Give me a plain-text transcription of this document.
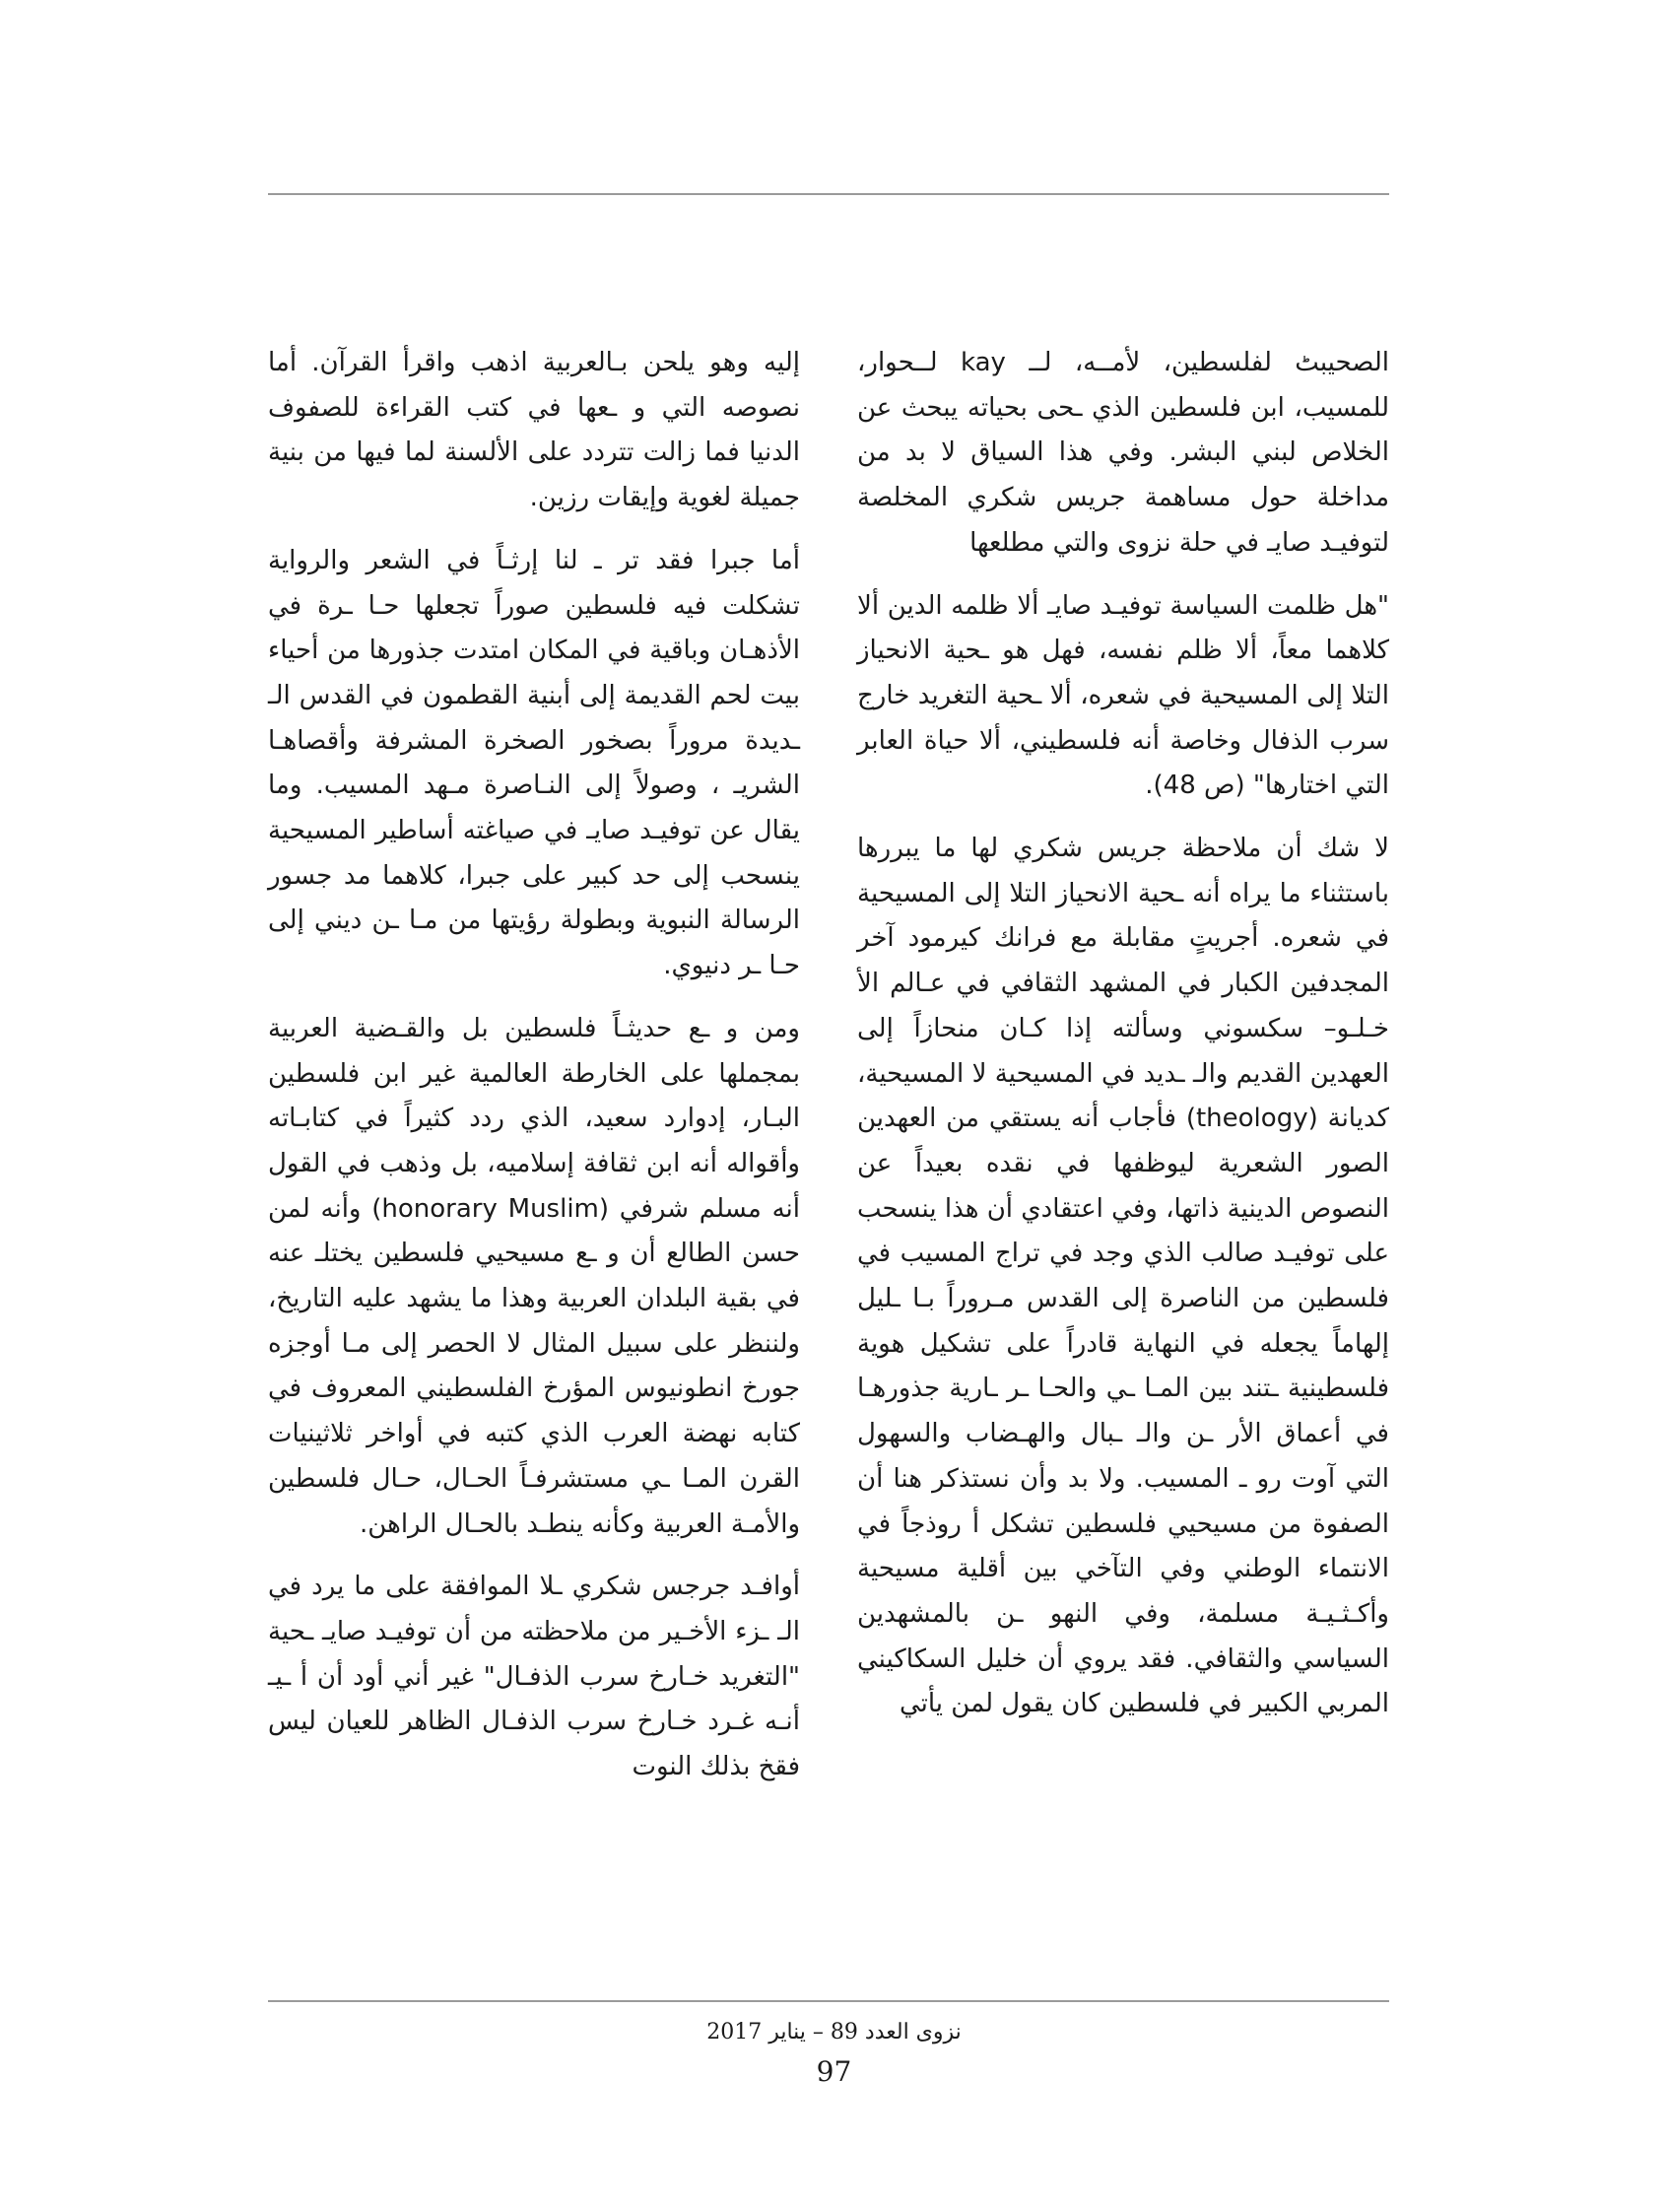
الصحيبٹ لفلسطين، لأمــه، لــ kay لــحوار، للمسيب، ابن فلسطين الذي ـحى بحياته يبحث عن الخلاص لبني البشر. وفي هذا السياق لا بد من مداخلة حول مساهمة جريس شكري المخلصة لتوفيـد صايـ في حلة نزوى والتي مطلعها

"هل ظلمت السياسة توفيـد صايـ ألا ظلمه الدين ألا كلاهما معاً، ألا ظلم نفسه، فهل هو ـحية الانحياز التلا إلى المسيحية في شعره، ألا ـحية التغريد خارج سرب الذفال وخاصة أنه فلسطيني، ألا حياة العابر التي اختارها" (ص 48).

لا شك أن ملاحظة جريس شكري لها ما يبررها باستثناء ما يراه أنه ـحية الانحياز التلا إلى المسيحية في شعره. أجريتٍ مقابلة مع فرانك كيرمود آخر المجدفين الكبار في المشهد الثقافي في عـالم الأ خـلـو– سكسوني وسألته إذا كـان منحازاً إلى العهدين القديم والـ ـديد في المسيحية لا المسيحية، كديانة (theology) فأجاب أنه يستقي من العهدين الصور الشعرية ليوظفها في نقده بعيداً عن النصوص الدينية ذاتها، وفي اعتقادي أن هذا ينسحب على توفيـد صالب الذي وجد في تراج المسيب في فلسطين من الناصرة إلى القدس مـروراً بـا ـليل إلهاماً يجعله في النهاية قادراً على تشكيل هوية فلسطينية ـتند بين المـا ـي والحـا ـر ـارية جذورهـا في أعماق الأر ـن والـ ـبال والهـضاب والسهول التي آوت رو ـ المسيب. ولا بد وأن نستذكر هنا أن الصفوة من مسيحيي فلسطين تشكل أ روذجاً في الانتماء الوطني وفي التآخي بين أقلية مسيحية وأكـثـيـة مسلمة، وفي النهو ـن بالمشهدين السياسي والثقافي. فقد يروي أن خليل السكاكيني المربي الكبير في فلسطين كان يقول لمن يأتي

إليه وهو يلحن بـالعربية اذهب واقرأ القرآن. أما نصوصه التي و ـعها في كتب القراءة للصفوف الدنيا فما زالت تتردد على الألسنة لما فيها من بنية جميلة لغوية وإيقات رزين.

أما جبرا فقد تر ـ لنا إرثـاً في الشعر والرواية تشكلت فيه فلسطين صوراً تجعلها حـا ـرة في الأذهـان وباقية في المكان امتدت جذورها من أحياء بيت لحم القديمة إلى أبنية القطمون في القدس الـ ـديدة مروراً بصخور الصخرة المشرفة وأقصاهـا الشريـ ، وصولاً إلى النـاصرة مـهد المسيب. وما يقال عن توفيـد صايـ في صياغته أساطير المسيحية ينسحب إلى حد كبير على جبرا، كلاهما مد جسور الرسالة النبوية وبطولة رؤيتها من مـا ـن ديني إلى حـا ـر دنيوي.

ومن و ـع حديثـاً فلسطين بل والقـضية العربية بمجملها على الخارطة العالمية غير ابن فلسطين البـار، إدوارد سعيد، الذي ردد كثيراً في كتابـاته وأقواله أنه ابن ثقافة إسلاميه، بل وذهب في القول أنه مسلم شرفي (honorary Muslim) وأنه لمن حسن الطالع أن و ـع مسيحيي فلسطين يختلـ عنه في بقية البلدان العربية وهذا ما يشهد عليه التاريخ، ولننظر على سبيل المثال لا الحصر إلى مـا أوجزه جورخ انطونيوس المؤرخ الفلسطيني المعروف في كتابه نهضة العرب الذي كتبه في أواخر ثلاثينيات القرن المـا ـي مستشرفـاً الحـال، حـال فلسطين والأمـة العربية وكأنه ينطـد بالحـال الراهن.

أوافـد جرجس شكري ـلا الموافقة على ما يرد في الـ ـزء الأخـير من ملاحظته من أن توفيـد صايـ ـحية "التغريد خـارخ سرب الذفـال" غير أني أود أن أ ـيـ أنـه غـرد خـارخ سرب الذفـال الظاهر للعيان ليس فقخ بذلك النوت

نزوى العدد 89 – يناير 2017
97
